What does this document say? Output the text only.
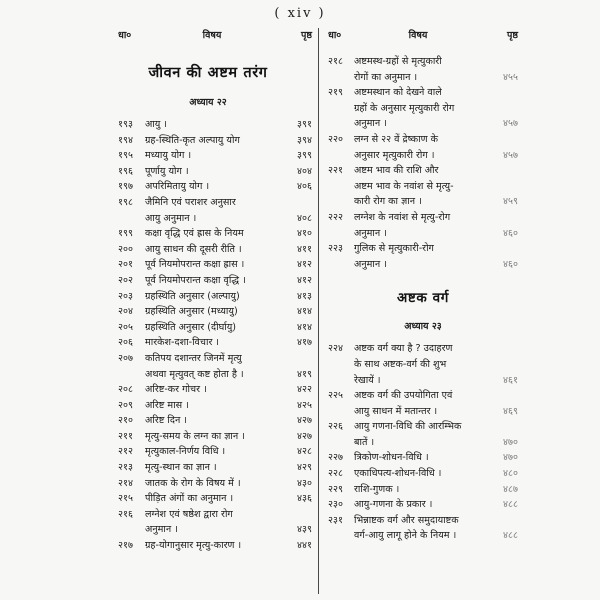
( xiv )
धा०	विषय	पृष्ठ
जीवन की अष्टम तरंग
अध्याय २२
१९३	आयु ।	३९१
१९४	ग्रह-स्थिति-कृत अल्पायु योग	३९४
१९५	मध्यायु योग ।	३९९
१९६	पूर्णायु योग ।	४०४
१९७	अपरिमितायु योग ।	४०६
१९८	जैमिनि एवं पराशर अनुसार
आयु अनुमान ।	४०८
१९९	कक्षा वृद्धि एवं ह्रास के नियम	४१०
२००	आयु साधन की दूसरी रीति ।	४११
२०१	पूर्व नियमोपरान्त कक्षा ह्रास ।	४१२
२०२	पूर्व नियमोपरान्त कक्षा वृद्धि ।	४१२
२०३	ग्रहस्थिति अनुसार (अल्पायु)	४१३
२०४	ग्रहस्थिति अनुसार (मध्यायु)	४१४
२०५	ग्रहस्थिति अनुसार (दीर्घायु)	४१४
२०६	मारकेश-दशा-विचार ।	४१७
२०७	कतिपय दशान्तर जिनमें मृत्यु
अथवा मृत्युवत् कष्ट होता है ।	४१९
२०८	अरिष्ट-कर गोचर ।	४२२
२०९	अरिष्ट मास ।	४२५
२१०	अरिष्ट दिन ।	४२७
२११	मृत्यु-समय के लग्न का ज्ञान ।	४२७
२१२	मृत्युकाल-निर्णय विधि ।	४२८
२१३	मृत्यु-स्थान का ज्ञान ।	४२९
२१४	जातक के रोग के विषय में ।	४३०
२१५	पीड़ित अंगों का अनुमान ।	४३६
२१६	लग्नेश एवं षष्ठेश द्वारा रोग
अनुमान ।	४३९
२१७	ग्रह-योगानुसार मृत्यु-कारण ।	४४१
धा०	विषय	पृष्ठ
२१८	अष्टमस्थ-ग्रहों से मृत्युकारी
रोगों का अनुमान ।	४५५
२१९	अष्टमस्थान को देखने वाले
ग्रहों के अनुसार मृत्युकारी रोग
अनुमान ।	४५७
२२०	लग्न से २२ वें द्रेष्काण के
अनुसार मृत्युकारी रोग ।	४५७
२२१	अष्टम भाव की राशि और
अष्टम भाव के नवांश से मृत्यु-
कारी रोग का ज्ञान ।	४५९
२२२	लग्नेश के नवांश से मृत्यु-रोग
अनुमान ।	४६०
२२३	गुलिक से मृत्युकारी-रोग
अनुमान ।	४६०
अष्टक वर्ग
अध्याय २३
२२४	अष्टक वर्ग क्या है ? उदाहरण
के साथ अष्टक-वर्ग की शुभ
रेखायें ।	४६१
२२५	अष्टक वर्ग की उपयोगिता एवं
आयु साधन में मतान्तर ।	४६९
२२६	आयु गणना-विधि की आरम्भिक
बातें ।	४७०
२२७	त्रिकोण-शोधन-विधि ।	४७०
२२८	एकाधिपत्य-शोधन-विधि ।	४८०
२२९	राशि-गुणक ।	४८७
२३०	आयु-गणना के प्रकार ।	४८८
२३१	भिन्नाष्टक वर्ग और समुदायाष्टक
वर्ग-आयु लागू होने के नियम ।	४८८
